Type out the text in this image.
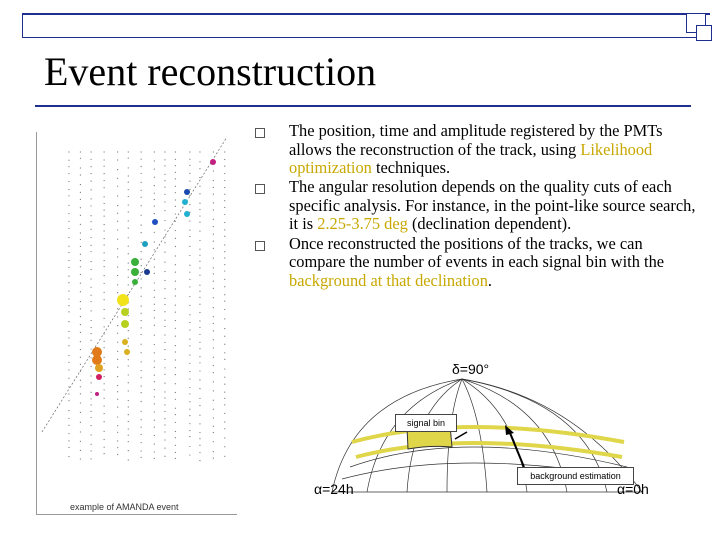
Event reconstruction
example of AMANDA event
The position, time and amplitude registered by the PMTs allows the reconstruction of the track, using Likelihood optimization techniques.
The angular resolution depends on the quality cuts of each specific analysis. For instance, in the point-like source search, it is 2.25-3.75 deg (declination dependent).
Once reconstructed the positions of the tracks, we can compare the number of events in each signal bin with the background at that declination.
δ=90°
signal bin
background estimation
α=24h	α=0h
